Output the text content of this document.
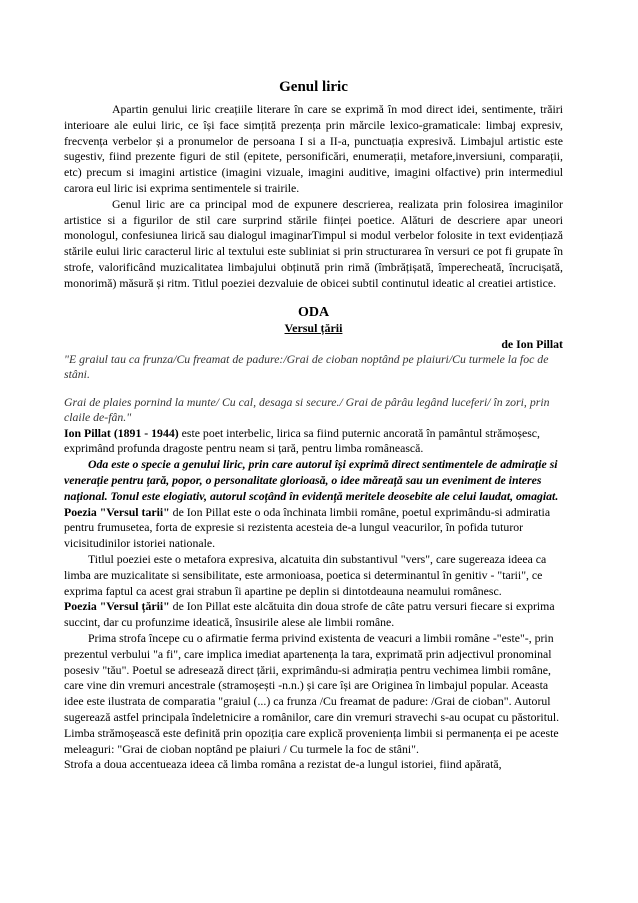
Genul liric

Apartin genului liric creațiile literare în care se exprimă în mod direct idei, sentimente, trăiri interioare ale eului liric, ce își face simțită prezența prin mărcile lexico-gramaticale: limbaj expresiv, frecvența verbelor și a pronumelor de persoana I si a II-a, punctuația expresivă. Limbajul artistic este sugestiv, fiind prezente figuri de stil (epitete, personificări, enumerații, metafore,inversiuni, comparații, etc) precum si imagini artistice (imagini vizuale, imagini auditive, imagini olfactive) prin intermediul carora eul liric isi exprima sentimentele si trairile.

Genul liric are ca principal mod de expunere descrierea, realizata prin folosirea imaginilor artistice si a figurilor de stil care surprind stările ființei poetice. Alături de descriere apar uneori monologul, confesiunea lirică sau dialogul imaginarTimpul si modul verbelor folosite in text evidențiază stările eului liric caracterul liric al textului este subliniat si prin structurarea în versuri ce pot fi grupate în strofe, valorificând muzicalitatea limbajului obținută prin rimă (îmbrățișată, împerecheată, încrucișată, monorimă) măsură și ritm. Titlul poeziei dezvaluie de obicei subtil continutul ideatic al creatiei artistice.

ODA
Versul țării
de Ion Pillat

"E graiul tau ca frunza/Cu freamat de padure:/Grai de cioban noptând pe plaiuri/Cu turmele la foc de stâni.

Grai de plaies pornind la munte/ Cu cal, desaga si secure./ Grai de pârâu legând luceferi/ în zori, prin claile de-fân."

Ion Pillat (1891 - 1944) este poet interbelic, lirica sa fiind puternic ancorată în pamântul strămoșesc, exprimând profunda dragoste pentru neam si țară, pentru limba românească.

Oda este o specie a genului liric, prin care autorul își exprimă direct sentimentele de admirație si venerație pentru țară, popor, o personalitate glorioasă, o idee măreață sau un eveniment de interes național. Tonul este elogiativ, autorul scoțând în evidență meritele deosebite ale celui laudat, omagiat.

Poezia "Versul tarii" de Ion Pillat este o oda închinata limbii române, poetul exprimându-si admiratia pentru frumusetea, forta de expresie si rezistenta acesteia de-a lungul veacurilor, în pofida tuturor vicisitudinilor istoriei nationale.

Titlul poeziei este o metafora expresiva, alcatuita din substantivul "vers", care sugereaza ideea ca limba are muzicalitate si sensibilitate, este armonioasa, poetica si determinantul în genitiv - "tarii", ce exprima faptul ca acest grai strabun îi apartine pe deplin si dintotdeauna neamului românesc.

Poezia "Versul țării" de Ion Pillat este alcătuita din doua strofe de câte patru versuri fiecare si exprima succint, dar cu profunzime ideatică, însusirile alese ale limbii române.

Prima strofa începe cu o afirmatie ferma privind existenta de veacuri a limbii române -"este"-, prin prezentul verbului "a fi", care implica imediat apartenența la tara, exprimată prin adjectivul pronominal posesiv "tău". Poetul se adresează direct țării, exprimându-si admirația pentru vechimea limbii române, care vine din vremuri ancestrale (stramoșești -n.n.) și care își are Originea în limbajul popular. Aceasta idee este ilustrata de comparatia "graiul (...) ca frunza /Cu freamat de padure: /Grai de cioban". Autorul sugerează astfel principala îndeletnicire a românilor, care din vremuri stravechi s-au ocupat cu păstoritul. Limba strămoșească este definită prin opoziția care explică proveniența limbii si permanența ei pe aceste meleaguri: "Grai de cioban noptând pe plaiuri / Cu turmele la foc de stâni".

Strofa a doua accentueaza ideea că limba româna a rezistat de-a lungul istoriei, fiind apărată,
